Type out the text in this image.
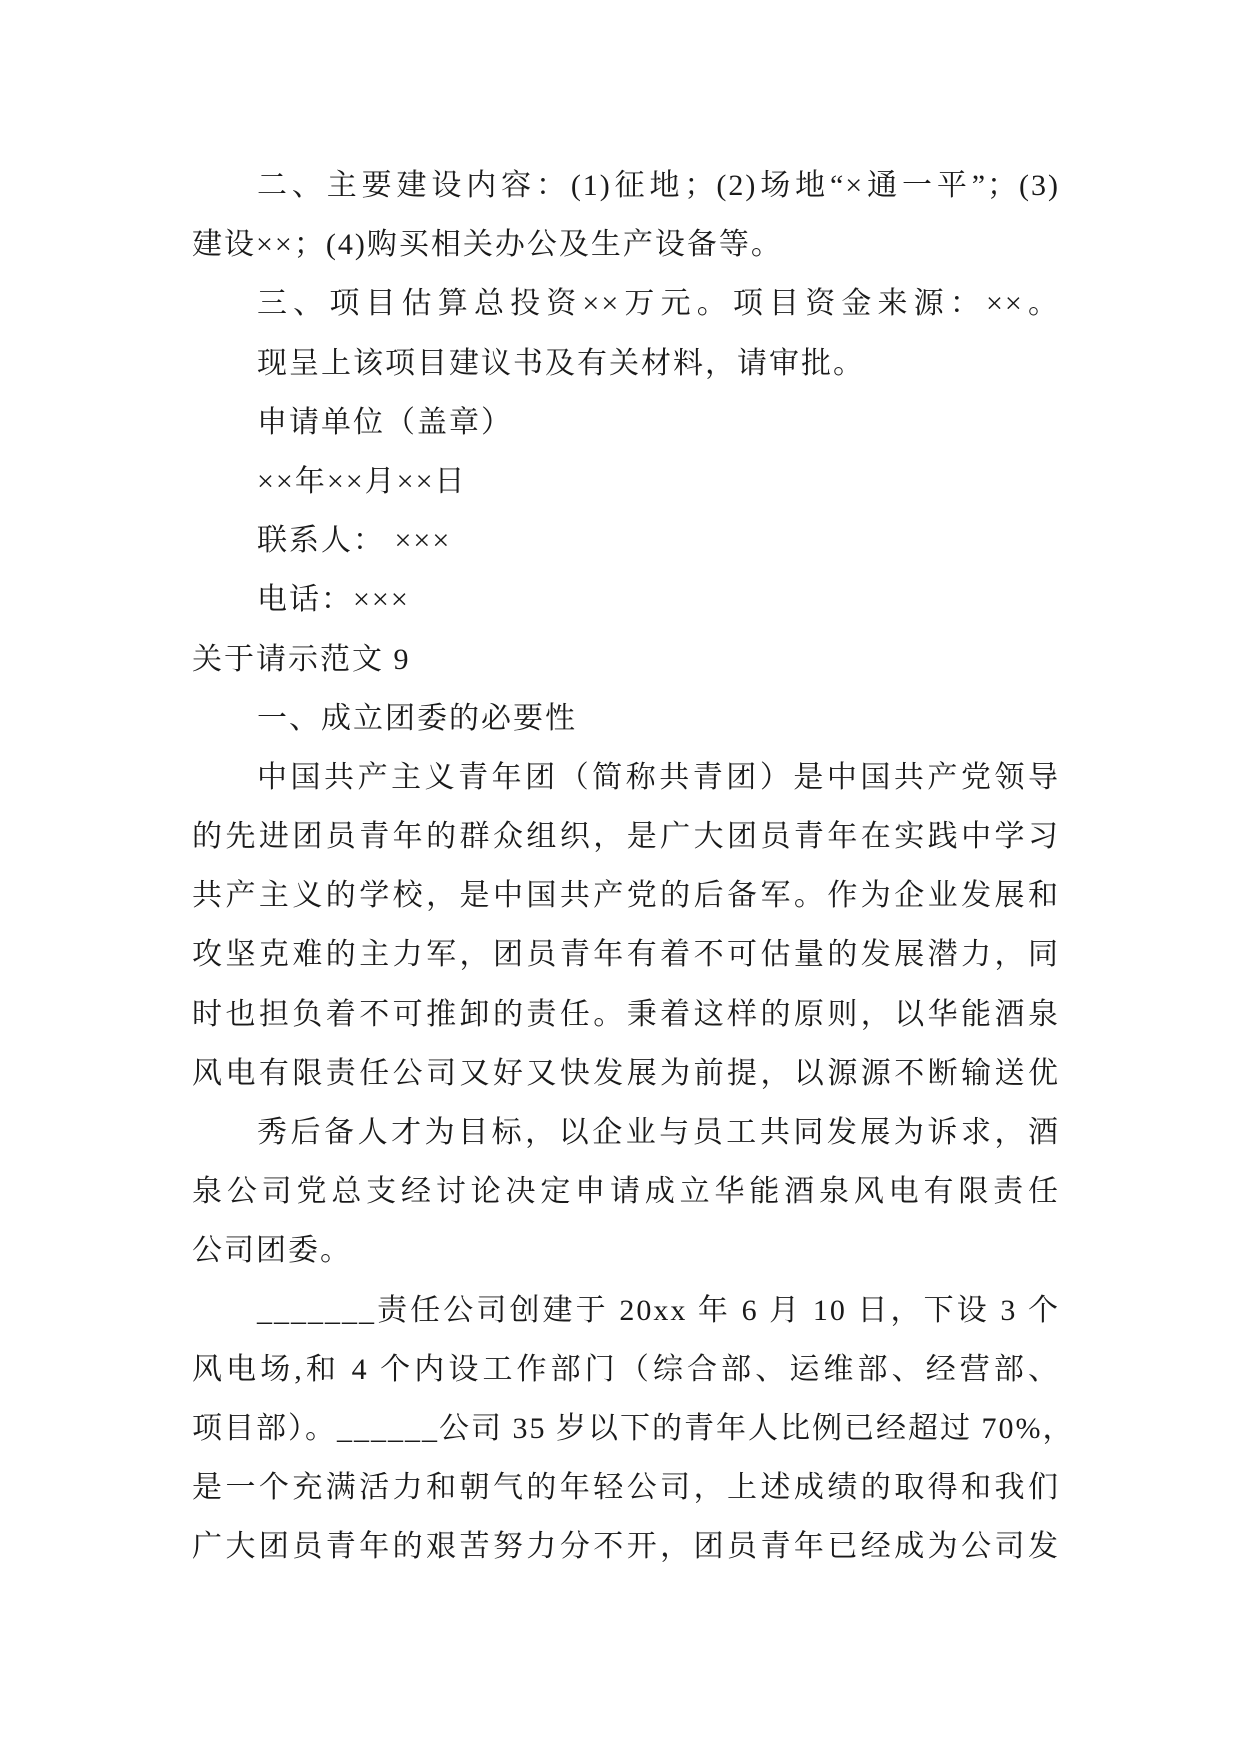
二、主要建设内容：(1)征地；(2)场地“×通一平”；(3)
建设××；(4)购买相关办公及生产设备等。
三、项目估算总投资××万元。项目资金来源：××。
现呈上该项目建议书及有关材料，请审批。
申请单位（盖章）
××年××月××日
联系人： ×××
电话：×××
关于请示范文 9
一、成立团委的必要性
中国共产主义青年团（简称共青团）是中国共产党领导
的先进团员青年的群众组织，是广大团员青年在实践中学习
共产主义的学校，是中国共产党的后备军。作为企业发展和
攻坚克难的主力军，团员青年有着不可估量的发展潜力，同
时也担负着不可推卸的责任。秉着这样的原则，以华能酒泉
风电有限责任公司又好又快发展为前提，以源源不断输送优
秀后备人才为目标，以企业与员工共同发展为诉求，酒
泉公司党总支经讨论决定申请成立华能酒泉风电有限责任
公司团委。
_______责任公司创建于 20xx 年 6 月 10 日，下设 3 个
风电场,和 4 个内设工作部门（综合部、运维部、经营部、
项目部）。______公司 35 岁以下的青年人比例已经超过 70%，
是一个充满活力和朝气的年轻公司，上述成绩的取得和我们
广大团员青年的艰苦努力分不开，团员青年已经成为公司发
